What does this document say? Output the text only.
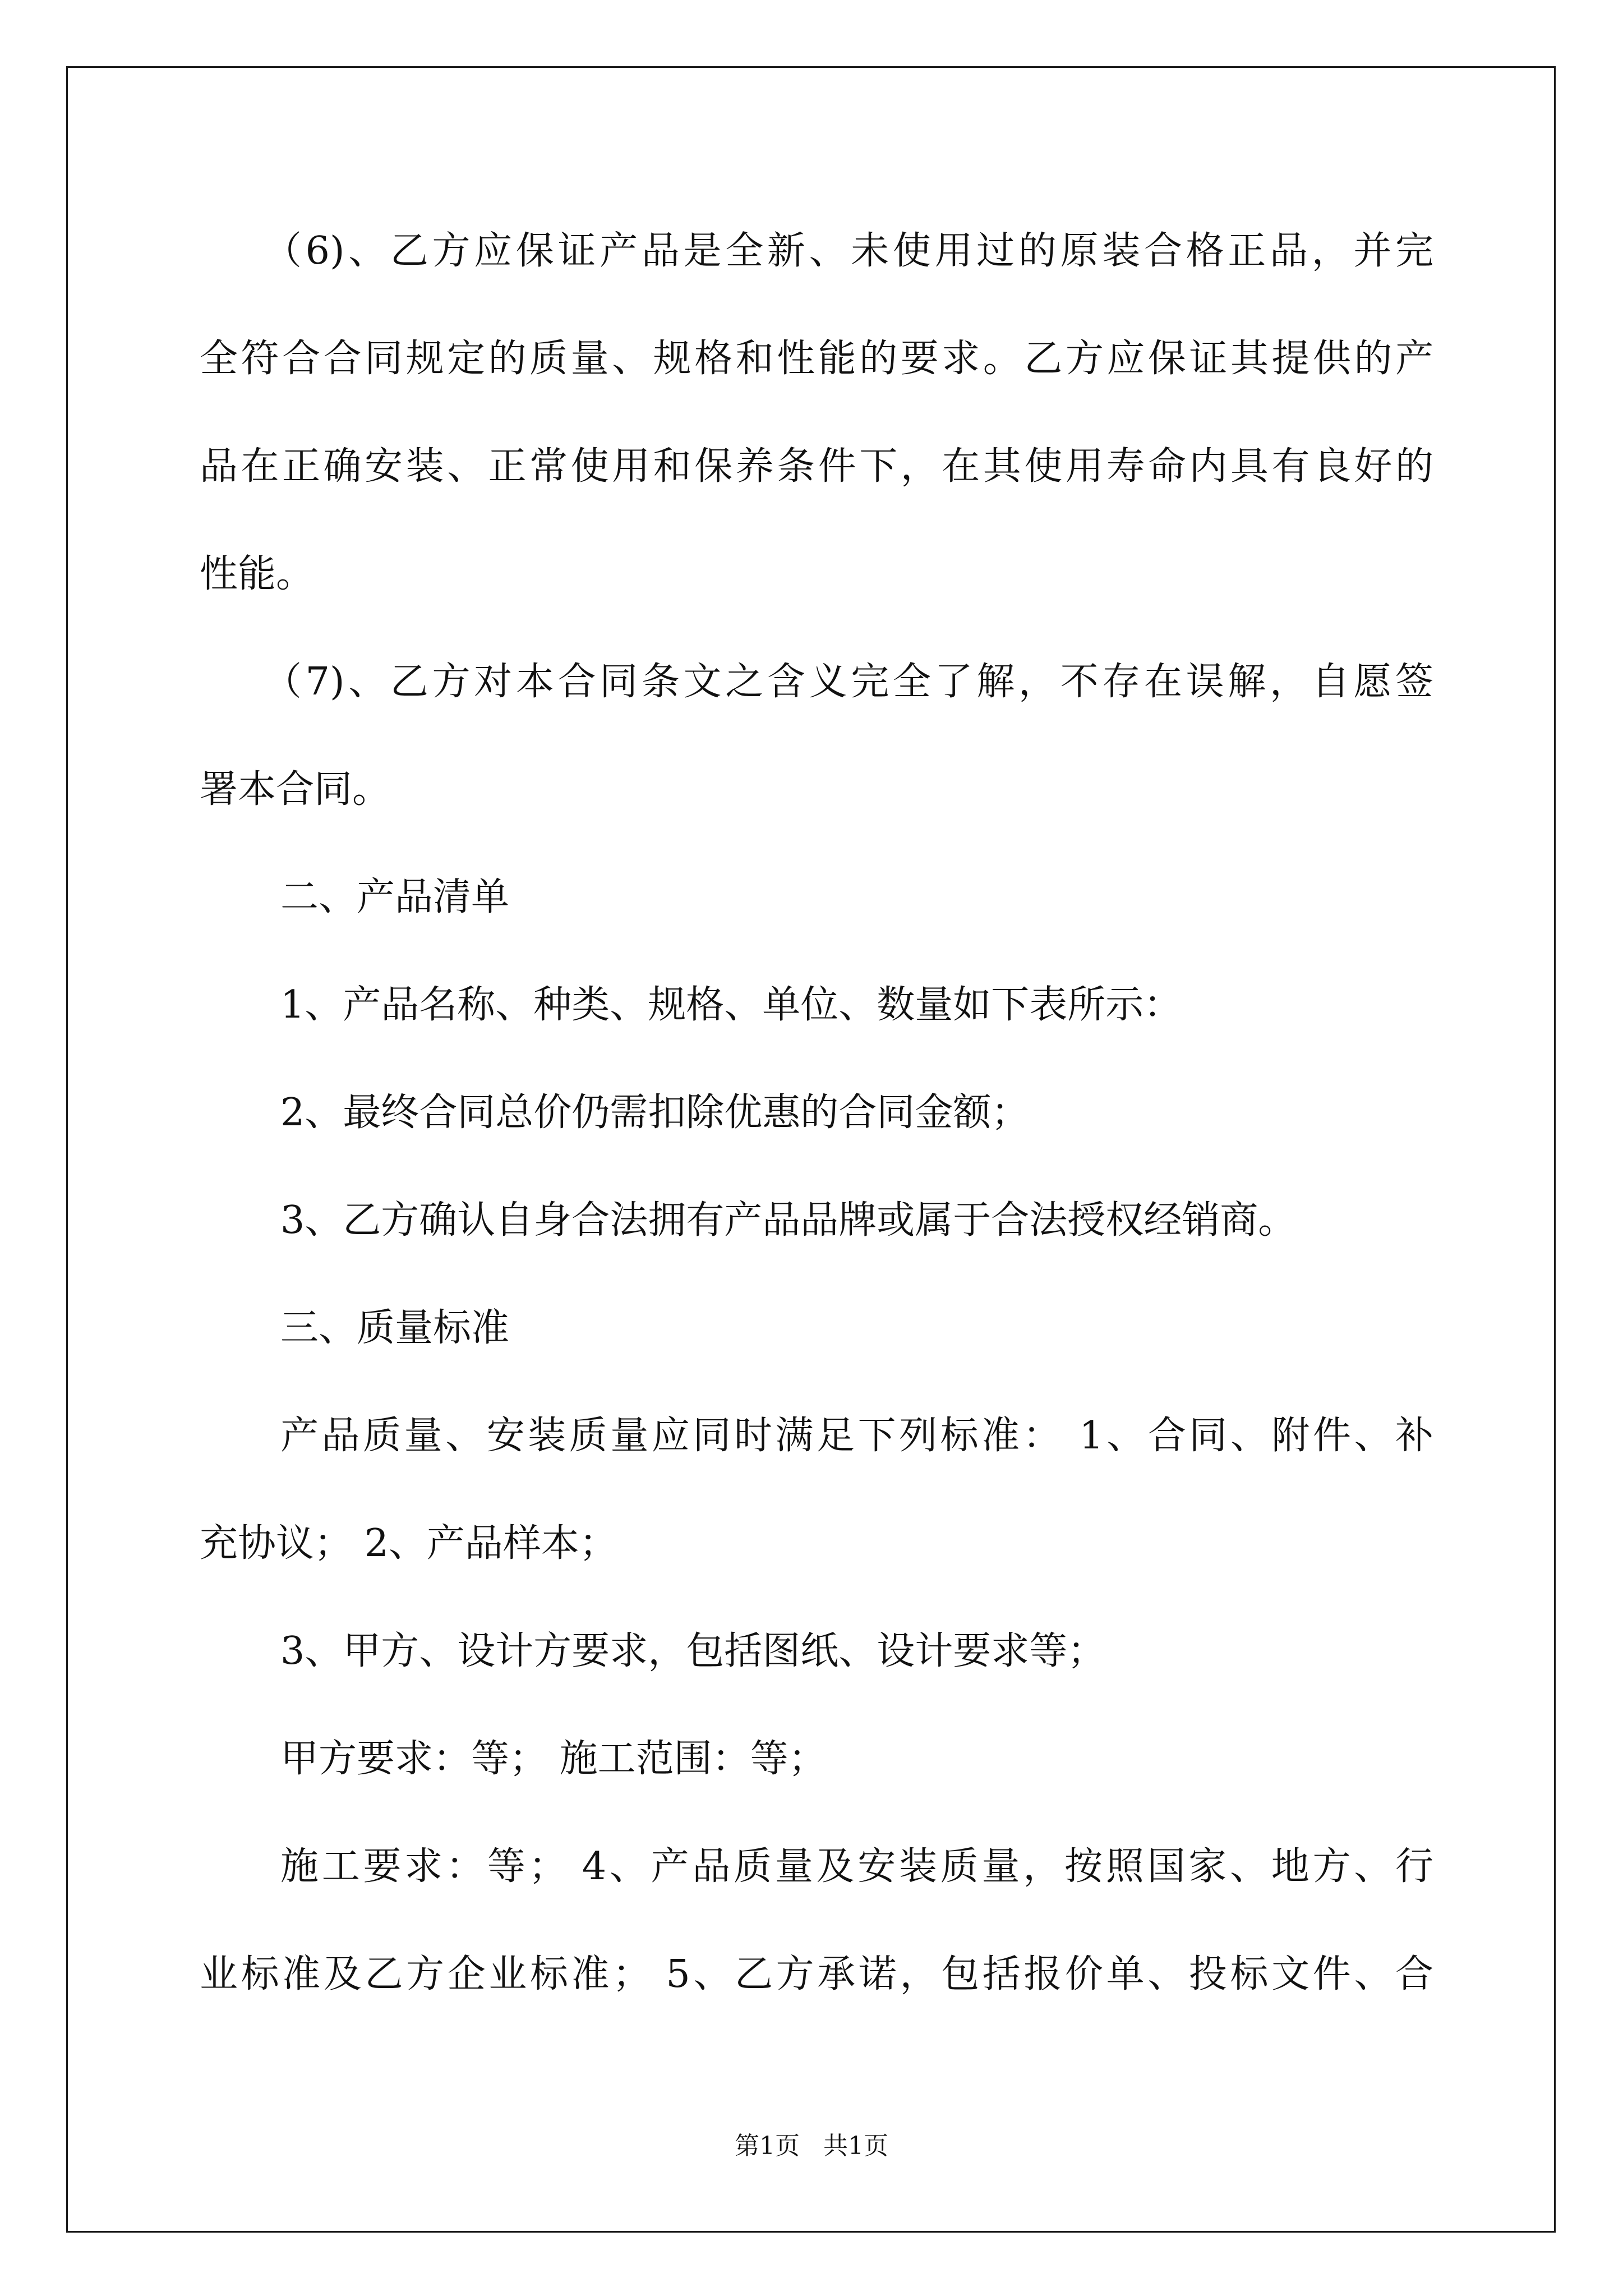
（6)、乙方应保证产品是全新、未使用过的原装合格正品，并完
全符合合同规定的质量、规格和性能的要求。乙方应保证其提供的产
品在正确安装、正常使用和保养条件下，在其使用寿命内具有良好的
性能。
（7)、乙方对本合同条文之含义完全了解，不存在误解，自愿签
署本合同。
二、产品清单
1、产品名称、种类、规格、单位、数量如下表所示：
2、最终合同总价仍需扣除优惠的合同金额；
3、乙方确认自身合法拥有产品品牌或属于合法授权经销商。
三、质量标准
产品质量、安装质量应同时满足下列标准： 1、合同、附件、补
充协议； 2、产品样本；
3、甲方、设计方要求，包括图纸、设计要求等；
甲方要求：等； 施工范围：等；
施工要求：等； 4、产品质量及安装质量，按照国家、地方、行
业标准及乙方企业标准； 5、乙方承诺，包括报价单、投标文件、合
第1页   共1页
